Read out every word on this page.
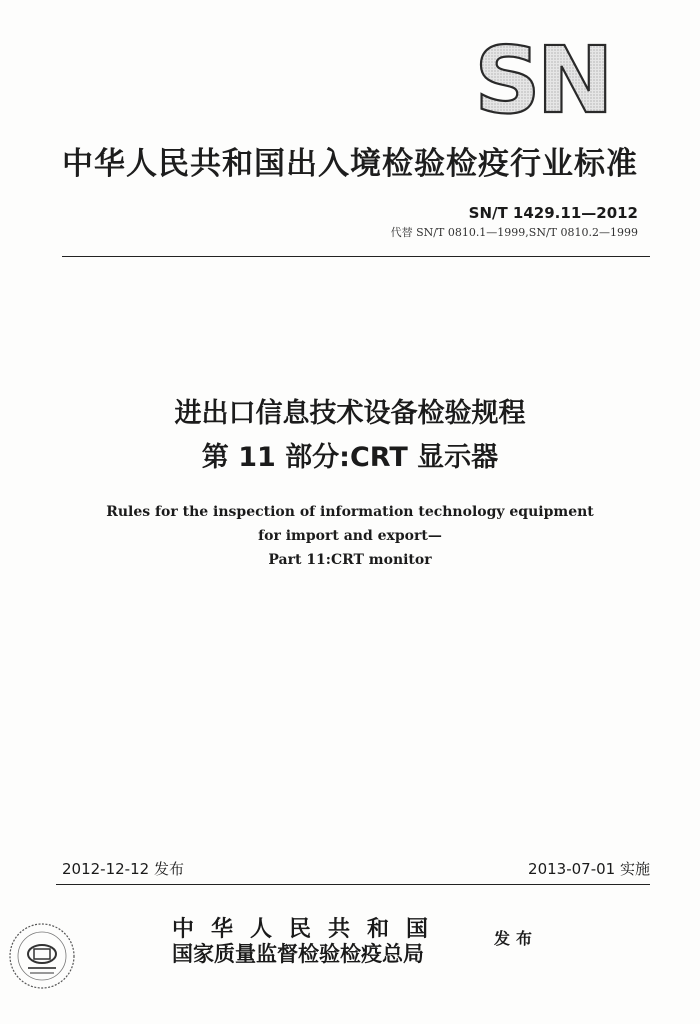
SN
中华人民共和国出入境检验检疫行业标准
SN/T 1429.11—2012
代替 SN/T 0810.1—1999,SN/T 0810.2—1999
进出口信息技术设备检验规程
第 11 部分:CRT 显示器
Rules for the inspection of information technology equipment
for import and export—
Part 11:CRT monitor
2012-12-12 发布	2013-07-01 实施
中华人民共和国
国家质量监督检验检疫总局
发布
